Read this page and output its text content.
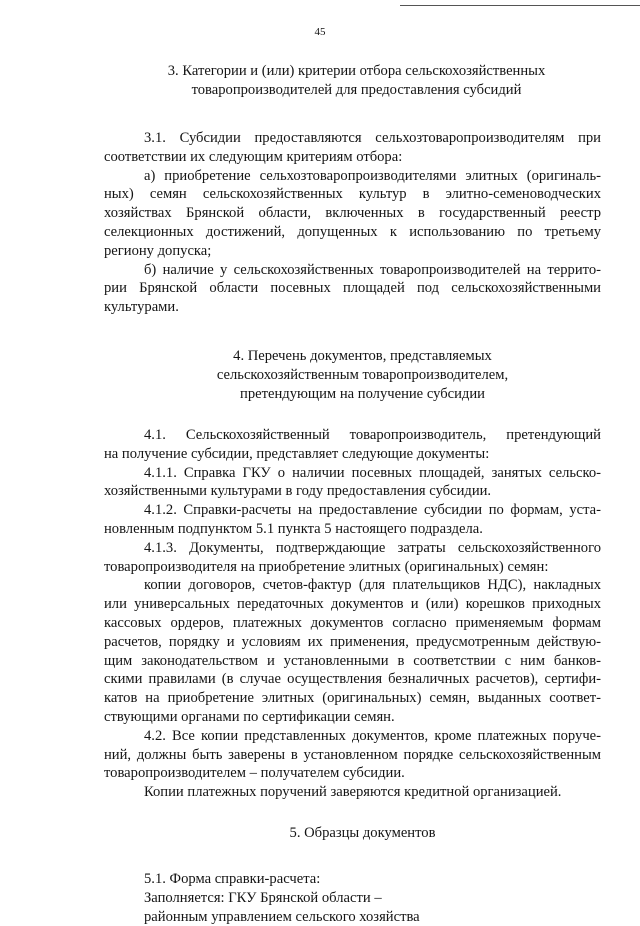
45
3. Категории и (или) критерии отбора сельскохозяйственных
товаропроизводителей для предоставления субсидий

3.1. Субсидии предоставляются сельхозтоваропроизводителям при
соответствии их следующим критериям отбора:

а) приобретение сельхозтоваропроизводителями элитных (оригиналь-
ных) семян сельскохозяйственных культур в элитно-семеноводческих
хозяйствах Брянской области, включенных в государственный реестр
селекционных достижений, допущенных к использованию по третьему
региону допуска;

б) наличие у сельскохозяйственных товаропроизводителей на террито-
рии Брянской области посевных площадей под сельскохозяйственными
культурами.

4. Перечень документов, представляемых
сельскохозяйственным товаропроизводителем,
претендующим на получение субсидии

4.1. Сельскохозяйственный товаропроизводитель, претендующий
на получение субсидии, представляет следующие документы:

4.1.1. Справка ГКУ о наличии посевных площадей, занятых сельско-
хозяйственными культурами в году предоставления субсидии.

4.1.2. Справки-расчеты на предоставление субсидии по формам, уста-
новленным подпунктом 5.1 пункта 5 настоящего подраздела.

4.1.3. Документы, подтверждающие затраты сельскохозяйственного
товаропроизводителя на приобретение элитных (оригинальных) семян:

копии договоров, счетов-фактур (для плательщиков НДС), накладных
или универсальных передаточных документов и (или) корешков приходных
кассовых ордеров, платежных документов согласно применяемым формам
расчетов, порядку и условиям их применения, предусмотренным действую-
щим законодательством и установленными в соответствии с ним банков-
скими правилами (в случае осуществления безналичных расчетов), сертифи-
катов на приобретение элитных (оригинальных) семян, выданных соответ-
ствующими органами по сертификации семян.

4.2. Все копии представленных документов, кроме платежных поруче-
ний, должны быть заверены в установленном порядке сельскохозяйственным
товаропроизводителем – получателем субсидии.

Копии платежных поручений заверяются кредитной организацией.

5. Образцы документов

5.1. Форма справки-расчета:

Заполняется: ГКУ Брянской области –
районным управлением сельского хозяйства
